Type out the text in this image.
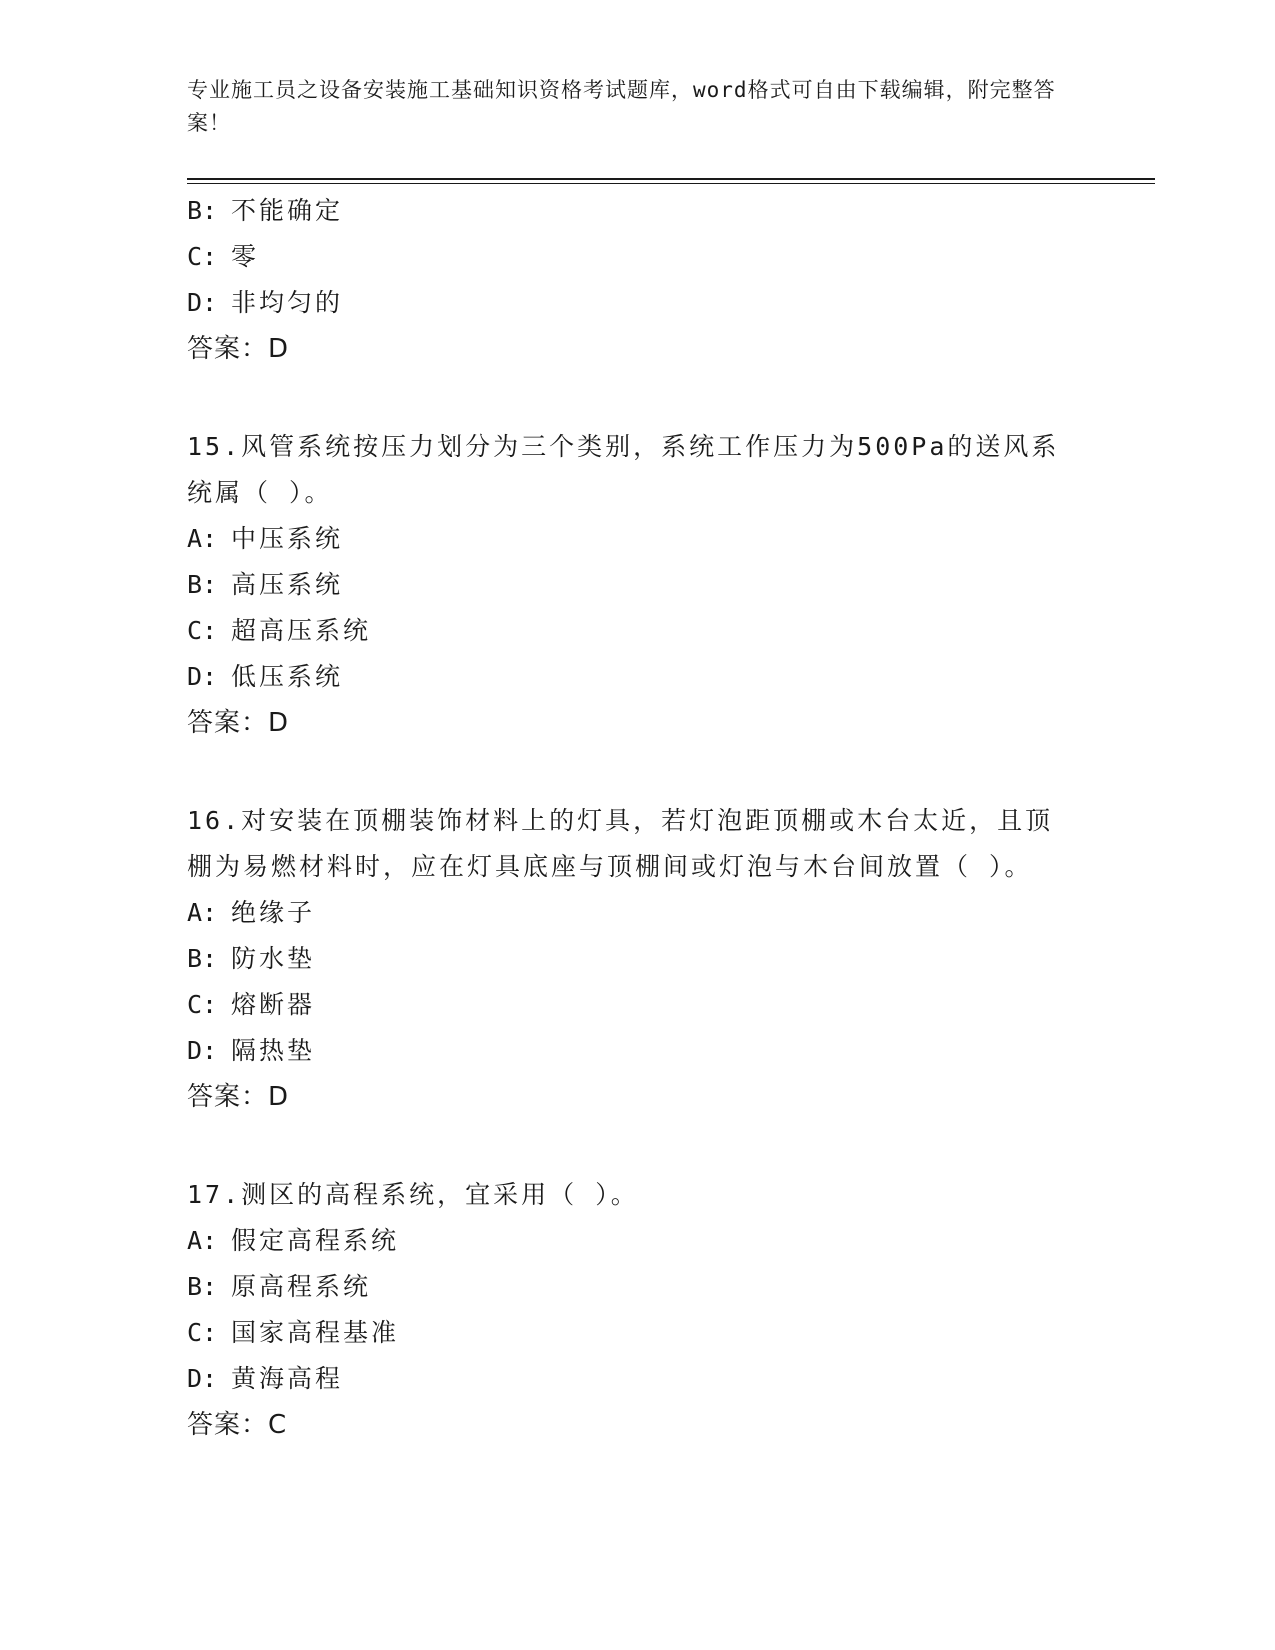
专业施工员之设备安装施工基础知识资格考试题库，word格式可自由下载编辑，附完整答案！
B: 不能确定
C: 零
D: 非均匀的
答案：D
15.风管系统按压力划分为三个类别，系统工作压力为500Pa的送风系统属（ ）。
A: 中压系统
B: 高压系统
C: 超高压系统
D: 低压系统
答案：D
16.对安装在顶棚装饰材料上的灯具，若灯泡距顶棚或木台太近，且顶棚为易燃材料时，应在灯具底座与顶棚间或灯泡与木台间放置（ ）。
A: 绝缘子
B: 防水垫
C: 熔断器
D: 隔热垫
答案：D
17.测区的高程系统，宜采用（ ）。
A: 假定高程系统
B: 原高程系统
C: 国家高程基准
D: 黄海高程
答案：C
